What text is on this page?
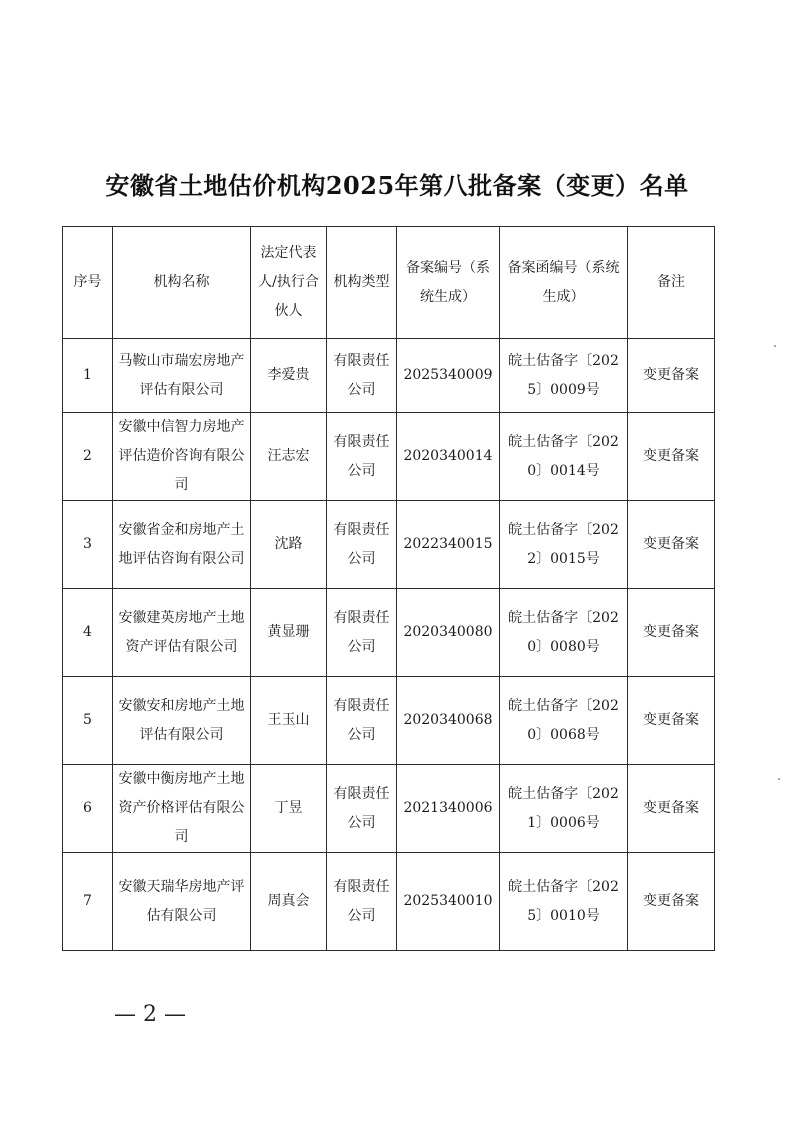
安徽省土地估价机构2025年第八批备案（变更）名单
序号	机构名称	法定代表人/执行合伙人	机构类型	备案编号（系统生成）	备案函编号（系统生成）	备注
1	马鞍山市瑞宏房地产评估有限公司	李爱贵	有限责任公司	2025340009	皖土估备字〔2025〕0009号	变更备案
2	安徽中信智力房地产评估造价咨询有限公司	汪志宏	有限责任公司	2020340014	皖土估备字〔2020〕0014号	变更备案
3	安徽省金和房地产土地评估咨询有限公司	沈路	有限责任公司	2022340015	皖土估备字〔2022〕0015号	变更备案
4	安徽建英房地产土地资产评估有限公司	黄显珊	有限责任公司	2020340080	皖土估备字〔2020〕0080号	变更备案
5	安徽安和房地产土地评估有限公司	王玉山	有限责任公司	2020340068	皖土估备字〔2020〕0068号	变更备案
6	安徽中衡房地产土地资产价格评估有限公司	丁昱	有限责任公司	2021340006	皖土估备字〔2021〕0006号	变更备案
7	安徽天瑞华房地产评估有限公司	周真会	有限责任公司	2025340010	皖土估备字〔2025〕0010号	变更备案
— 2 —
